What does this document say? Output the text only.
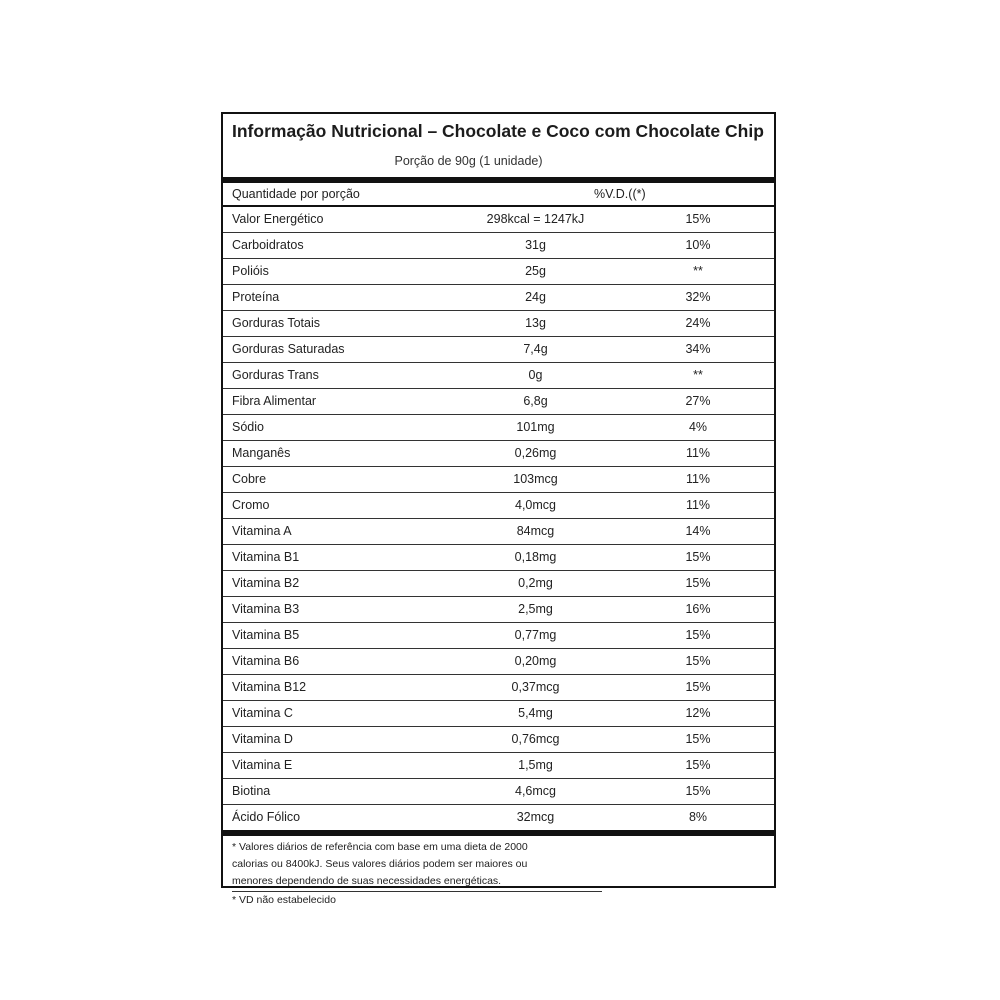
Informação Nutricional – Chocolate e Coco com Chocolate Chip
Porção de 90g (1 unidade)
Quantidade por porção	%V.D.((*)
Valor Energético	298kcal = 1247kJ	15%
Carboidratos	31g	10%
Polióis	25g	**
Proteína	24g	32%
Gorduras Totais	13g	24%
Gorduras Saturadas	7,4g	34%
Gorduras Trans	0g	**
Fibra Alimentar	6,8g	27%
Sódio	101mg	4%
Manganês	0,26mg	11%
Cobre	103mcg	11%
Cromo	4,0mcg	11%
Vitamina A	84mcg	14%
Vitamina B1	0,18mg	15%
Vitamina B2	0,2mg	15%
Vitamina B3	2,5mg	16%
Vitamina B5	0,77mg	15%
Vitamina B6	0,20mg	15%
Vitamina B12	0,37mcg	15%
Vitamina C	5,4mg	12%
Vitamina D	0,76mcg	15%
Vitamina E	1,5mg	15%
Biotina	4,6mcg	15%
Ácido Fólico	32mcg	8%
* Valores diários de referência com base em uma dieta de 2000
calorias ou 8400kJ. Seus valores diários podem ser maiores ou
menores dependendo de suas necessidades energéticas.
* VD não estabelecido
